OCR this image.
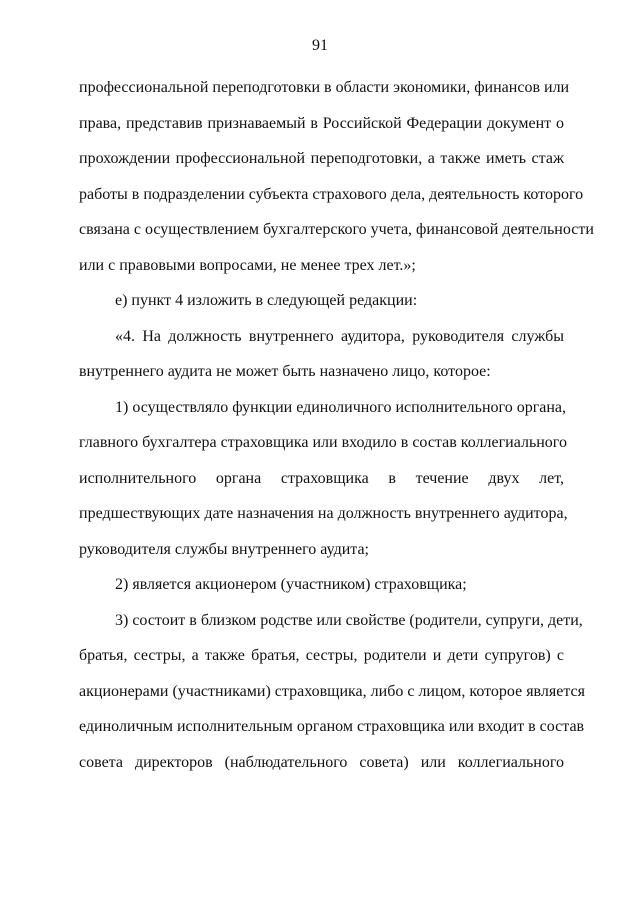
91
профессиональной переподготовки в области экономики, финансов или
права, представив признаваемый в Российской Федерации документ о
прохождении профессиональной переподготовки, а также иметь стаж
работы в подразделении субъекта страхового дела, деятельность которого
связана с осуществлением бухгалтерского учета, финансовой деятельности
или с правовыми вопросами, не менее трех лет.»;
е) пункт 4 изложить в следующей редакции:
«4. На должность внутреннего аудитора, руководителя службы
внутреннего аудита не может быть назначено лицо, которое:
1) осуществляло функции единоличного исполнительного органа,
главного бухгалтера страховщика или входило в состав коллегиального
исполнительного органа страховщика в течение двух лет,
предшествующих дате назначения на должность внутреннего аудитора,
руководителя службы внутреннего аудита;
2) является акционером (участником) страховщика;
3) состоит в близком родстве или свойстве (родители, супруги, дети,
братья, сестры, а также братья, сестры, родители и дети супругов) с
акционерами (участниками) страховщика, либо с лицом, которое является
единоличным исполнительным органом страховщика или входит в состав
совета директоров (наблюдательного совета) или коллегиального
